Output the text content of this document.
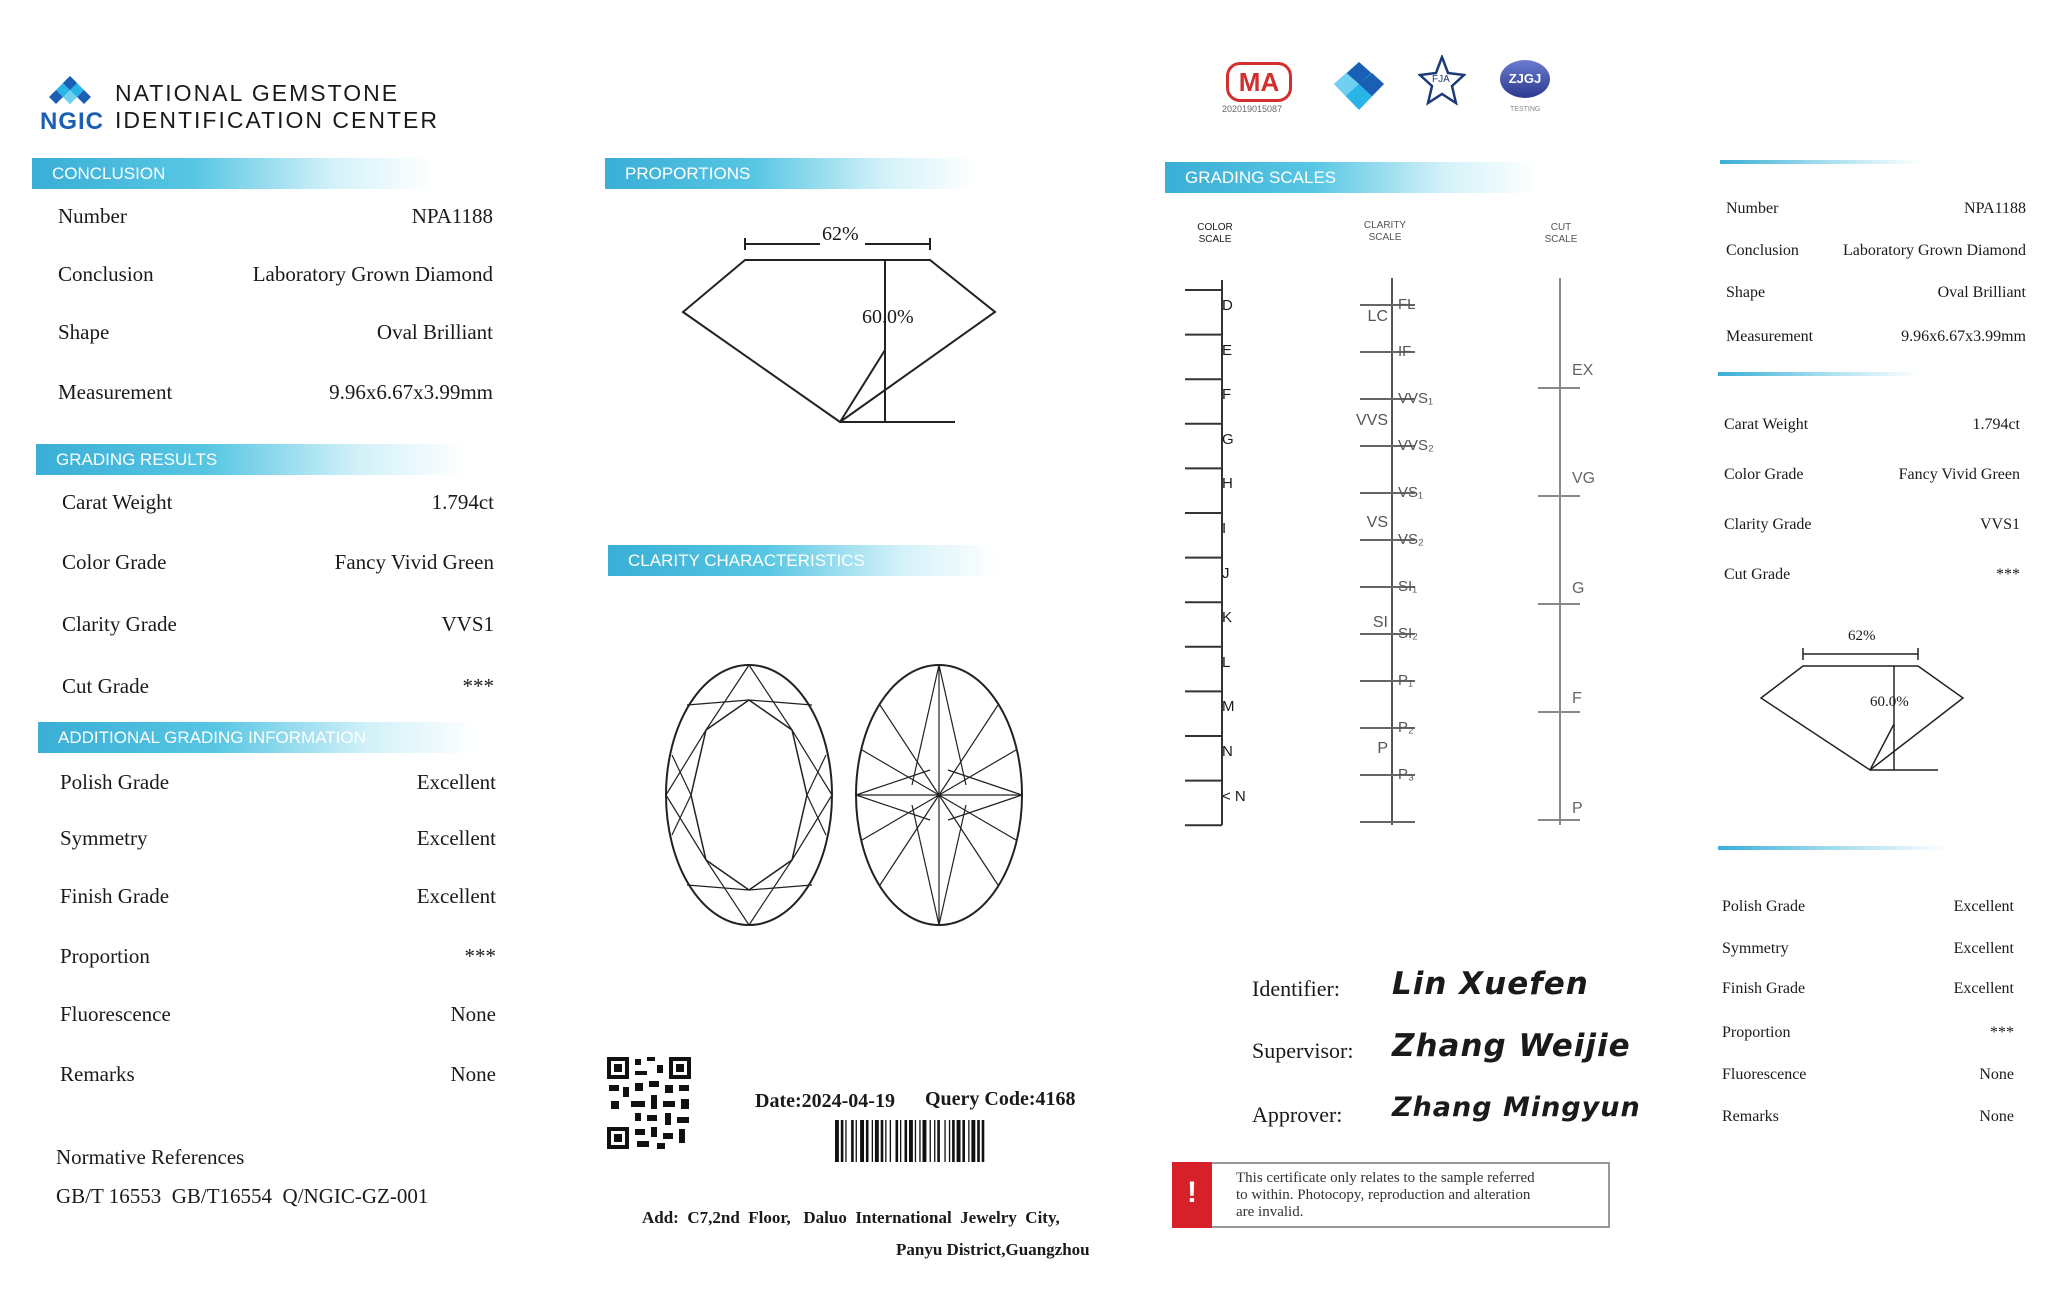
NGIC
NATIONAL GEMSTONE
IDENTIFICATION CENTER
CONCLUSION
Number	NPA1188
Conclusion	Laboratory Grown Diamond
Shape	Oval Brilliant
Measurement	9.96x6.67x3.99mm
GRADING RESULTS
Carat Weight	1.794ct
Color Grade	Fancy Vivid Green
Clarity Grade	VVS1
Cut Grade	***
ADDITIONAL GRADING INFORMATION
Polish Grade	Excellent
Symmetry	Excellent
Finish Grade	Excellent
Proportion	***
Fluorescence	None
Remarks	None
Normative References
GB/T 16553  GB/T16554  Q/NGIC-GZ-001
PROPORTIONS
62%
60.0%
CLARITY CHARACTERISTICS
Date:2024-04-19 Query Code:4168
Add:  C7,2nd  Floor,   Daluo  International  Jewelry  City,
Panyu District,Guangzhou
MA
202019015087
FJA	ZJGJ
TESTING
GRADING SCALES
COLOR
SCALE
CLARITY
SCALE
CUT
SCALE
D
E
F
G
H
I
J
K
L
M
N
< N
LC
VVS
VS
SI
P
FL
IF
VVS₁
VVS₂
VS₁
VS₂
SI₁
SI₂
P₁
P₂
P₃
EX
VG
G
F
P
Identifier: Lin Xuefen
Supervisor: Zhang Weijie
Approver: Zhang Mingyun
!	This certificate only relates to the sample referred
to within. Photocopy, reproduction and alteration
are invalid.
Number	NPA1188
Conclusion	Laboratory Grown Diamond
Shape	Oval Brilliant
Measurement	9.96x6.67x3.99mm
Carat Weight	1.794ct
Color Grade	Fancy Vivid Green
Clarity Grade	VVS1
Cut Grade	***
62%
60.0%
Polish Grade	Excellent
Symmetry	Excellent
Finish Grade	Excellent
Proportion	***
Fluorescence	None
Remarks	None
